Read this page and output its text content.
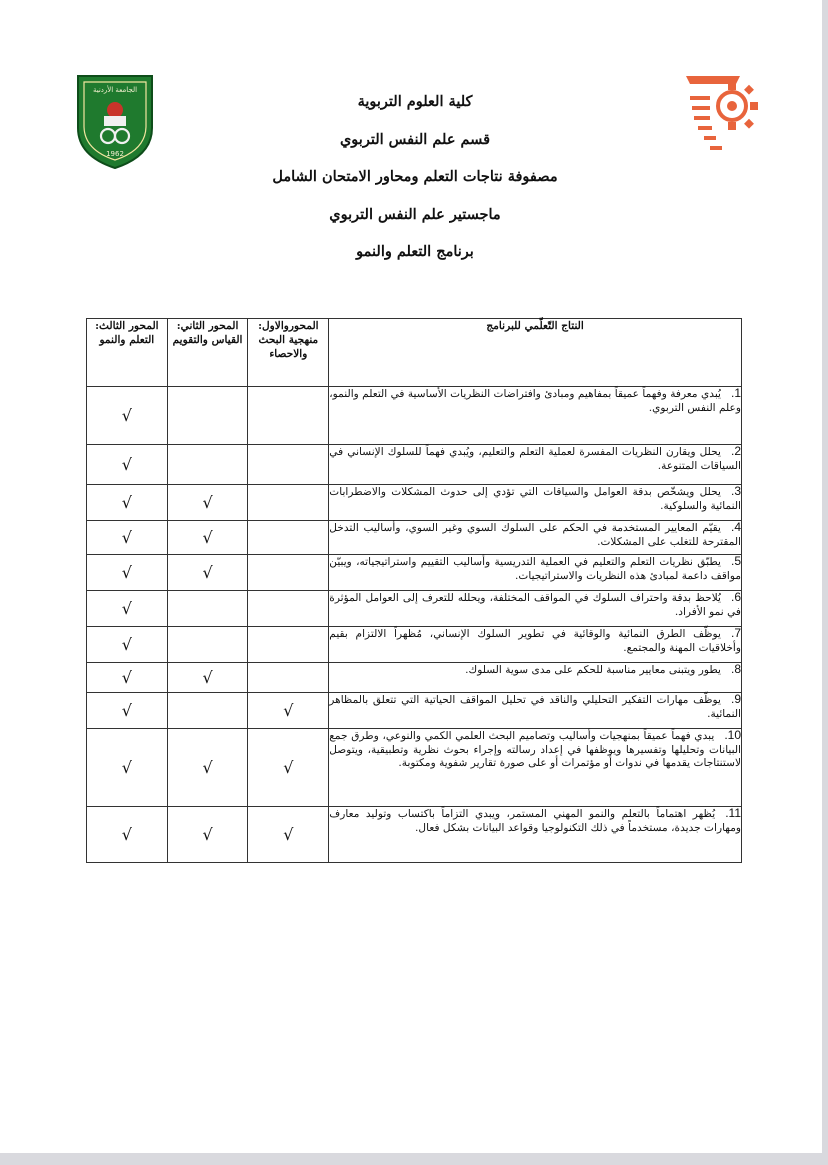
الجامعة الأردنية
1962
كلية العلوم التربوية
قسم علم النفس التربوي
مصفوفة نتاجات التعلم ومحاور الامتحان الشامل
ماجستير علم النفس التربوي
برنامج التعلم والنمو
النتاج التّعلّمي للبرنامج	المحوروالاول: منهجية البحث والاحصاء	المحور الثاني: القياس والتقويم	المحور الثالث: التعلم والنمو
1.يُبدي معرفة وفهماً عميقاً بمفاهيم ومبادئ وافتراضات النظريات الأساسية في التعلم والنمو، وعلم النفس التربوي.			√
2.يحلل ويقارن النظريات المفسرة لعملية التعلم والتعليم، ويُبدي فهماً للسلوك الإنساني في السياقات المتنوعة.			√
3.يحلل ويشخّص بدقة العوامل والسياقات التي تؤدي إلى حدوث المشكلات والاضطرابات النمائية والسلوكية.		√	√
4.يقيّم المعايير المستخدمة في الحكم على السلوك السوي وغير السوي، وأساليب التدخل المقترحة للتغلب على المشكلات.		√	√
5.يطبّق نظريات التعلم والتعليم في العملية التدريسية وأساليب التقييم واستراتيجياته، ويبيّن مواقف داعمة لمبادئ هذه النظريات والاستراتيجيات.		√	√
6.يُلاحظ بدقة واحتراف السلوك في المواقف المختلفة، ويحلله للتعرف إلى العوامل المؤثرة في نمو الأفراد.			√
7.يوظّف الطرق النمائية والوقائية في تطوير السلوك الإنساني، مُظهراً الالتزام بقيم وأخلاقيات المهنة والمجتمع.			√
8.يطور ويتبنى معايير مناسبة للحكم على مدى سوية السلوك.		√	√
9.يوظّف مهارات التفكير التحليلي والناقد في تحليل المواقف الحياتية التي تتعلق بالمظاهر النمائية.	√		√
10.يبدي فهماً عميقاً بمنهجيات وأساليب وتصاميم البحث العلمي الكمي والنوعي، وطرق جمع البيانات وتحليلها وتفسيرها ويوظفها في إعداد رسالته وإجراء بحوث نظرية وتطبيقية، ويتوصل لاستنتاجات يقدمها في ندوات أو مؤتمرات أو على صورة تقارير شفوية ومكتوبة.	√	√	√
11.يُظهر اهتماماً بالتعلم والنمو المهني المستمر، ويبدي التزاماً باكتساب وتوليد معارف ومهارات جديدة، مستخدماً في ذلك التكنولوجيا وقواعد البيانات بشكل فعال.	√	√	√
